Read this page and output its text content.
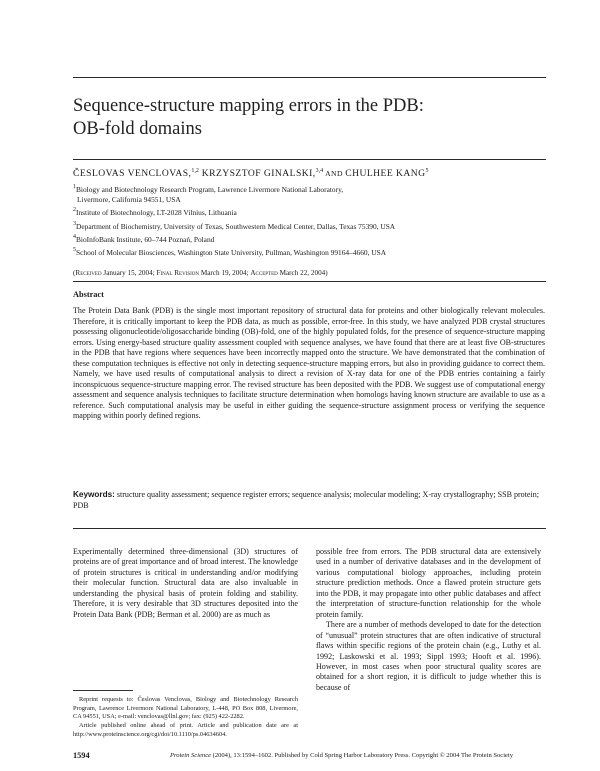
Sequence-structure mapping errors in the PDB:
OB-fold domains
ČESLOVAS VENCLOVAS,$^{1,2}$ KRZYSZTOF GINALSKI,$^{3,4}$ AND CHULHEE KANG$^5$
$^1$Biology and Biotechnology Research Program, Lawrence Livermore National Laboratory,
Livermore, California 94551, USA
$^2$Institute of Biotechnology, LT-2028 Vilnius, Lithuania
$^3$Department of Biochemistry, University of Texas, Southwestern Medical Center, Dallas, Texas 75390, USA
$^4$BioInfoBank Institute, 60–744 Poznań, Poland
$^5$School of Molecular Biosciences, Washington State University, Pullman, Washington 99164–4660, USA
(Received January 15, 2004; Final Revision March 19, 2004; Accepted March 22, 2004)
Abstract
The Protein Data Bank (PDB) is the single most important repository of structural data for proteins and other biologically relevant molecules. Therefore, it is critically important to keep the PDB data, as much as possible, error-free. In this study, we have analyzed PDB crystal structures possessing oligonucleotide/oligosaccharide binding (OB)-fold, one of the highly populated folds, for the presence of sequence-structure mapping errors. Using energy-based structure quality assessment coupled with sequence analyses, we have found that there are at least five OB-structures in the PDB that have regions where sequences have been incorrectly mapped onto the structure. We have demonstrated that the combination of these computation techniques is effective not only in detecting sequence-structure mapping errors, but also in providing guidance to correct them. Namely, we have used results of computational analysis to direct a revision of X-ray data for one of the PDB entries containing a fairly inconspicuous sequence-structure mapping error. The revised structure has been deposited with the PDB. We suggest use of computational energy assessment and sequence analysis techniques to facilitate structure determination when homologs having known structure are available to use as a reference. Such computational analysis may be useful in either guiding the sequence-structure assignment process or verifying the sequence mapping within poorly defined regions.
Keywords: structure quality assessment; sequence register errors; sequence analysis; molecular modeling; X-ray crystallography; SSB protein; PDB

Experimentally determined three-dimensional (3D) structures of proteins are of great importance and of broad interest. The knowledge of protein structures is critical in understanding and/or modifying their molecular function. Structural data are also invaluable in understanding the physical basis of protein folding and stability. Therefore, it is very desirable that 3D structures deposited into the Protein Data Bank (PDB; Berman et al. 2000) are as much as

possible free from errors. The PDB structural data are extensively used in a number of derivative databases and in the development of various computational biology approaches, including protein structure prediction methods. Once a flawed protein structure gets into the PDB, it may propagate into other public databases and affect the interpretation of structure-function relationship for the whole protein family.

There are a number of methods developed to date for the detection of “unusual” protein structures that are often indicative of structural flaws within specific regions of the protein chain (e.g., Luthy et al. 1992; Laskowski et al. 1993; Sippl 1993; Hooft et al. 1996). However, in most cases when poor structural quality scores are obtained for a short region, it is difficult to judge whether this is because of

Reprint requests to: Česlovas Venclovas, Biology and Biotechnology Research Program, Lawrence Livermore National Laboratory, L-448, PO Box 808, Livermore, CA 94551, USA; e-mail: venclovas@llnl.gov; fax: (925) 422-2282.

Article published online ahead of print. Article and publication date are at http://www.proteinscience.org/cgi/doi/10.1110/ps.04634604.

1594	Protein Science (2004), 13:1594–1602. Published by Cold Spring Harbor Laboratory Press. Copyright © 2004 The Protein Society
